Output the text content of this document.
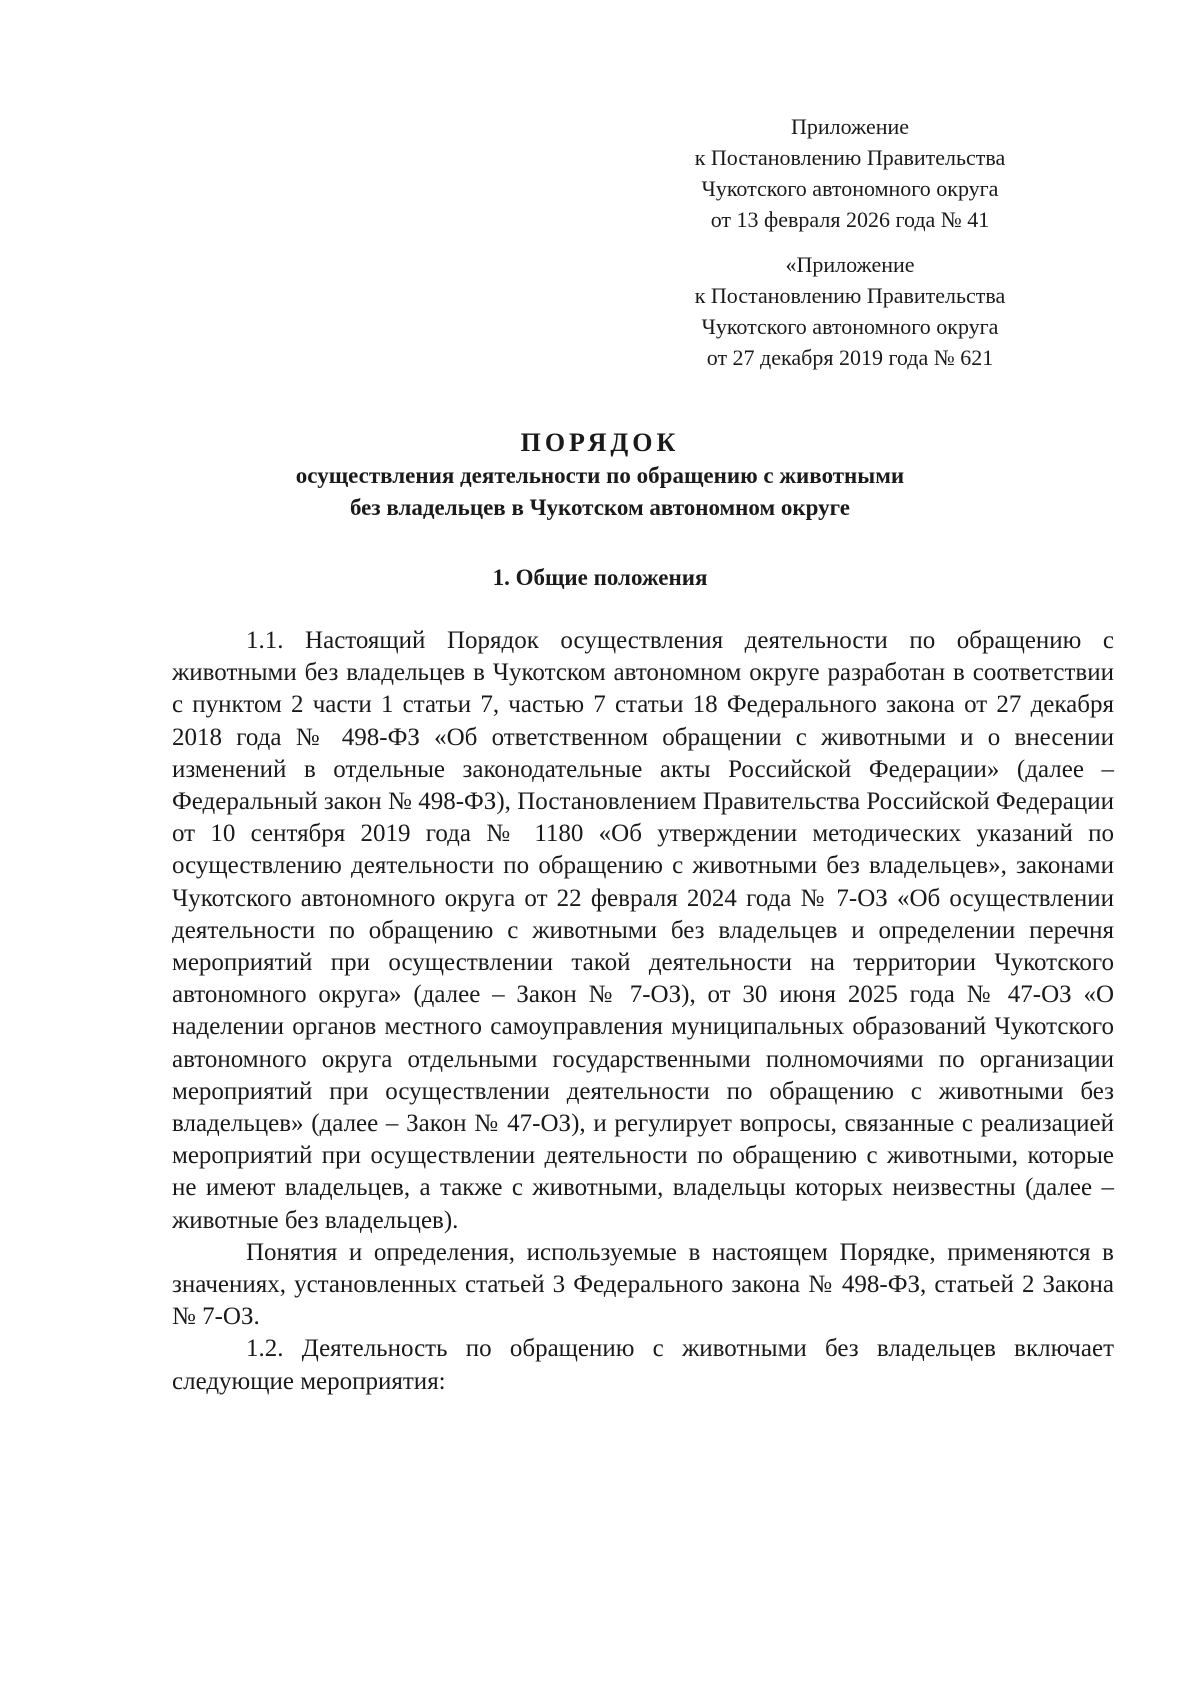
Приложение
к Постановлению Правительства
Чукотского автономного округа
от 13 февраля 2026 года № 41
«Приложение
к Постановлению Правительства
Чукотского автономного округа
от 27 декабря 2019 года № 621
ПОРЯДОК
осуществления деятельности по обращению с животными
без владельцев в Чукотском автономном округе
1. Общие положения

1.1. Настоящий Порядок осуществления деятельности по обращению с животными без владельцев в Чукотском автономном округе разработан в соответствии с пунктом 2 части 1 статьи 7, частью 7 статьи 18 Федерального закона от 27 декабря 2018 года № 498-ФЗ «Об ответственном обращении с животными и о внесении изменений в отдельные законодательные акты Российской Федерации» (далее – Федеральный закон № 498-ФЗ), Постановлением Правительства Российской Федерации от 10 сентября 2019 года № 1180 «Об утверждении методических указаний по осуществлению деятельности по обращению с животными без владельцев», законами Чукотского автономного округа от 22 февраля 2024 года № 7-ОЗ «Об осуществлении деятельности по обращению с животными без владельцев и определении перечня мероприятий при осуществлении такой деятельности на территории Чукотского автономного округа» (далее – Закон № 7-ОЗ), от 30 июня 2025 года № 47-ОЗ «О наделении органов местного самоуправления муниципальных образований Чукотского автономного округа отдельными государственными полномочиями по организации мероприятий при осуществлении деятельности по обращению с животными без владельцев» (далее – Закон № 47-ОЗ), и регулирует вопросы, связанные с реализацией мероприятий при осуществлении деятельности по обращению с животными, которые не имеют владельцев, а также с животными, владельцы которых неизвестны (далее – животные без владельцев).

Понятия и определения, используемые в настоящем Порядке, применяются в значениях, установленных статьей 3 Федерального закона № 498-ФЗ, статьей 2 Закона № 7-ОЗ.

1.2. Деятельность по обращению с животными без владельцев включает следующие мероприятия:
